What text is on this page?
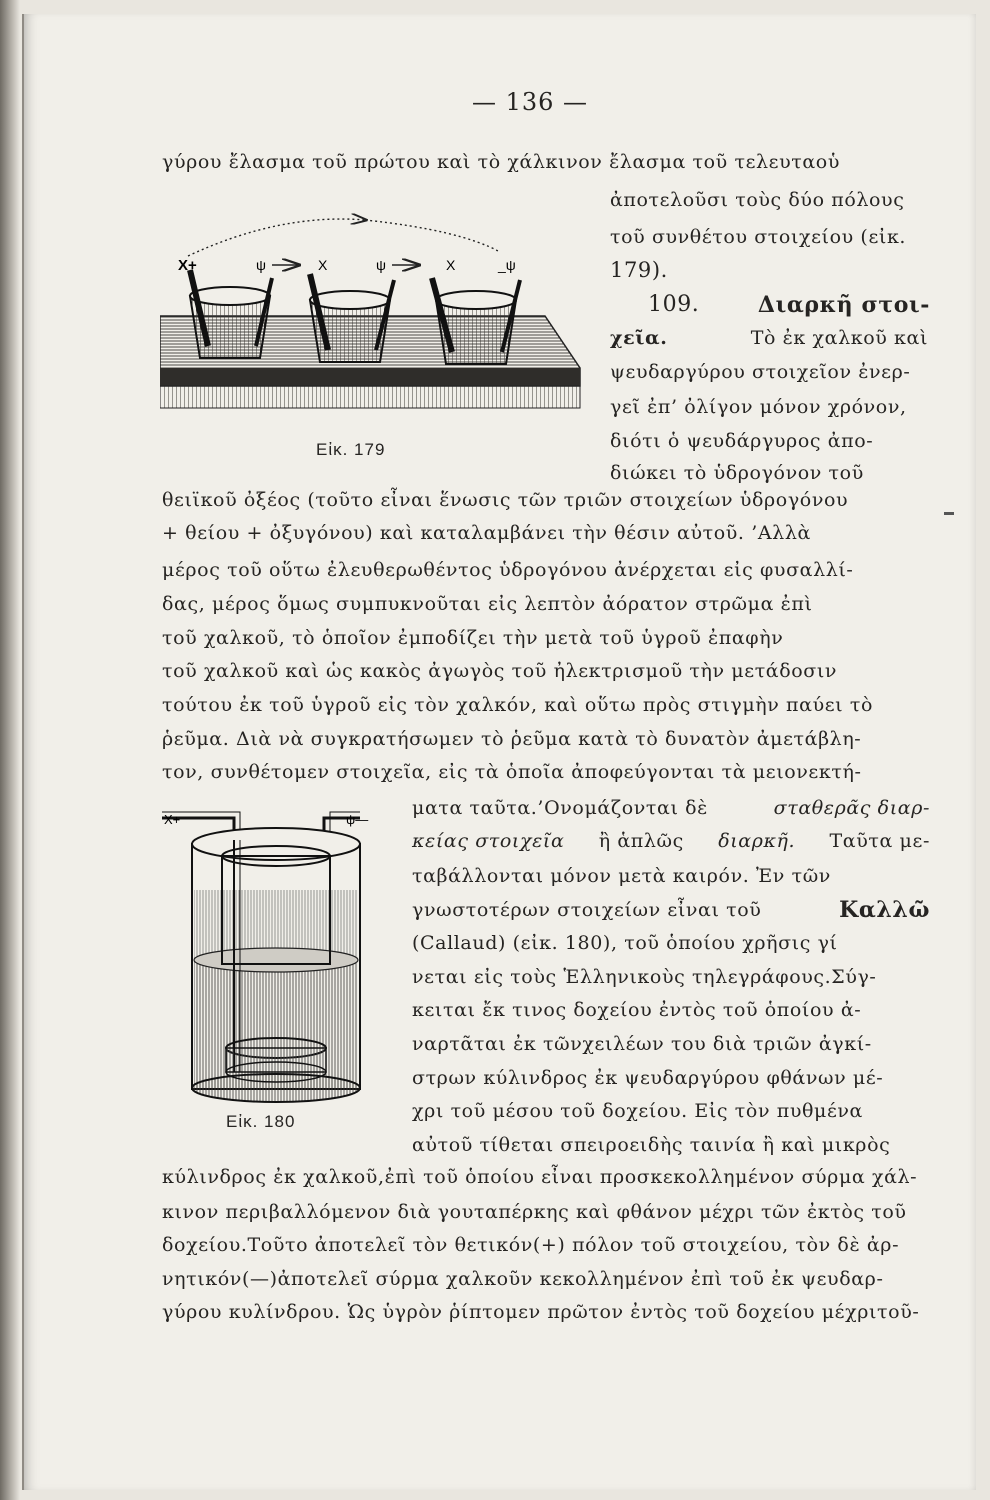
— 136 —
γύρου ἔλασμα τοῦ πρώτου καὶ τὸ χάλκινον ἔλασμα τοῦ τελευταοὑ
ἀποτελοῦσι τοὺς δύο πόλους
τοῦ συνθέτου στοιχείου (εἰκ.
179).
109.	Διαρκῆ στοι-
χεῖα.	Τὸ ἐκ χαλκοῦ καὶ
ψευδαργύρου στοιχεῖον ἐνερ-
γεῖ ἐπ’ ὀλίγον μόνον χρόνον,
διότι ὁ ψευδάργυρος ἀπο-
διώκει τὸ ὑδρογόνον τοῦ
θειϊκοῦ ὀξέος (τοῦτο εἶναι ἕνωσις τῶν τριῶν στοιχείων ὑδρογόνου
+ θείου + ὀξυγόνου) καὶ καταλαμβάνει τὴν θέσιν αὐτοῦ. ’Αλλὰ
μέρος τοῦ οὕτω ἐλευθερωθέντος ὑδρογόνου ἀνέρχεται εἰς φυσαλλί-
δας, μέρος ὅμως συμπυκνοῦται εἰς λεπτὸν ἀόρατον στρῶμα ἐπὶ
τοῦ χαλκοῦ, τὸ ὁποῖον ἐμποδίζει τὴν μετὰ τοῦ ὑγροῦ ἐπαφὴν
τοῦ χαλκοῦ καὶ ὡς κακὸς ἀγωγὸς τοῦ ἠλεκτρισμοῦ τὴν μετάδοσιν
τούτου ἐκ τοῦ ὑγροῦ εἰς τὸν χαλκόν, καὶ οὕτω πρὸς στιγμὴν παύει τὸ
ῥεῦμα. Διὰ νὰ συγκρατήσωμεν τὸ ῥεῦμα κατὰ τὸ δυνατὸν ἀμετάβλη-
τον, συνθέτομεν στοιχεῖα, εἰς τὰ ὁποῖα ἀποφεύγονται τὰ μειονεκτή-
ματα ταῦτα.’Ονομάζονται δὲ	σταθερᾶς διαρ-
κείας στοιχεῖα ἢ ἁπλῶς διαρκῆ. Ταῦτα με-
ταβάλλονται μόνον μετὰ καιρόν. Ἐν τῶν
γνωστοτέρων στοιχείων εἶναι τοῦ	Καλλῶ
(Callaud) (εἰκ. 180), τοῦ ὁποίου χρῆσις γί
νεται εἰς τοὺς Ἑλληνικοὺς τηλεγράφους.Σύγ-
κειται ἔκ τινος δοχείου ἐντὸς τοῦ ὁποίου ἀ-
ναρτᾶται ἐκ τῶνχειλέων του διὰ τριῶν ἀγκί-
στρων κύλινδρος ἐκ ψευδαργύρου φθάνων μέ-
χρι τοῦ μέσου τοῦ δοχείου. Εἰς τὸν πυθμένα
αὐτοῦ τίθεται σπειροειδὴς ταινία ἢ καὶ μικρὸς
κύλινδρος ἐκ χαλκοῦ,ἐπὶ τοῦ ὁποίου εἶναι προσκεκολλημένον σύρμα χάλ-
κινον περιβαλλόμενον διὰ γουταπέρκης καὶ φθάνον μέχρι τῶν ἐκτὸς τοῦ
δοχείου.Τοῦτο ἀποτελεῖ τὸν θετικόν(+) πόλον τοῦ στοιχείου, τὸν δὲ ἀρ-
νητικόν(—)ἀποτελεῖ σύρμα χαλκοῦν κεκολλημένον ἐπὶ τοῦ ἐκ ψευδαρ-
γύρου κυλίνδρου. Ὡς ὑγρὸν ῥίπτομεν πρῶτον ἐντὸς τοῦ δοχείου μέχριτοῦ-
X+	ψ	X	ψ	X	_ψ
Εἰκ. 179
X+	ψ—
Εἰκ. 180
